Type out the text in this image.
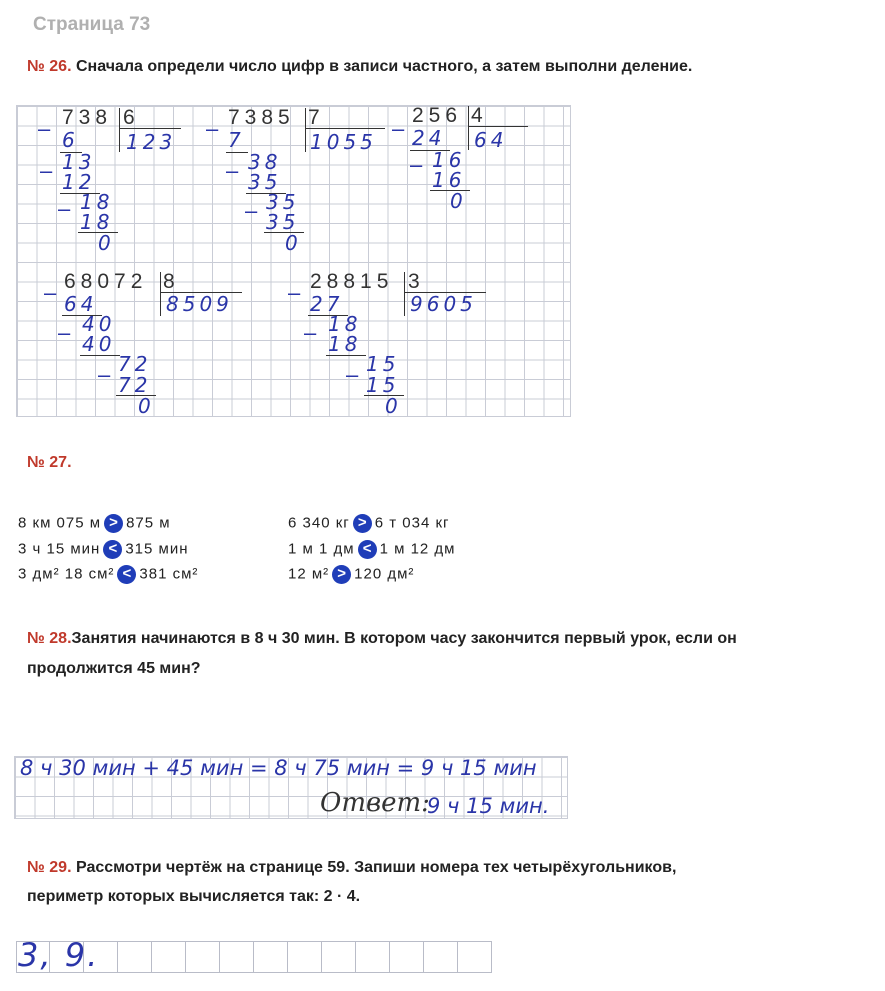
Страница 73
№ 26. Сначала определи число цифр в записи частного, а затем выполни деление.
– 738 6
123
6
– 13
12
– 18
18
0
– 7385 7
1055
7
– 38
35
– 35
35
0
–
256 4
64
24
– 16
16
0
– 68072 8
8509
64
– 40
40
– 72
72
0
– 28815 3
9605
27
– 18
18
– 15
15
0
№ 27.
8 км 075 м > 875 м
3 ч 15 мин < 315 мин
3 дм² 18 см² < 381 см²
6 340 кг > 6 т 034 кг
1 м 1 дм < 1 м 12 дм
12 м² > 120 дм²
№ 28.Занятия начинаются в 8 ч 30 мин. В котором часу закончится первый урок, если он
продолжится 45 мин?
8 ч 30 мин + 45 мин = 8 ч 75 мин = 9 ч 15 мин
Ответ:
9 ч 15 мин.
№ 29. Рассмотри чертёж на странице 59. Запиши номера тех четырёхугольников,
периметр которых вычисляется так: 2 · 4.
3, 9.
